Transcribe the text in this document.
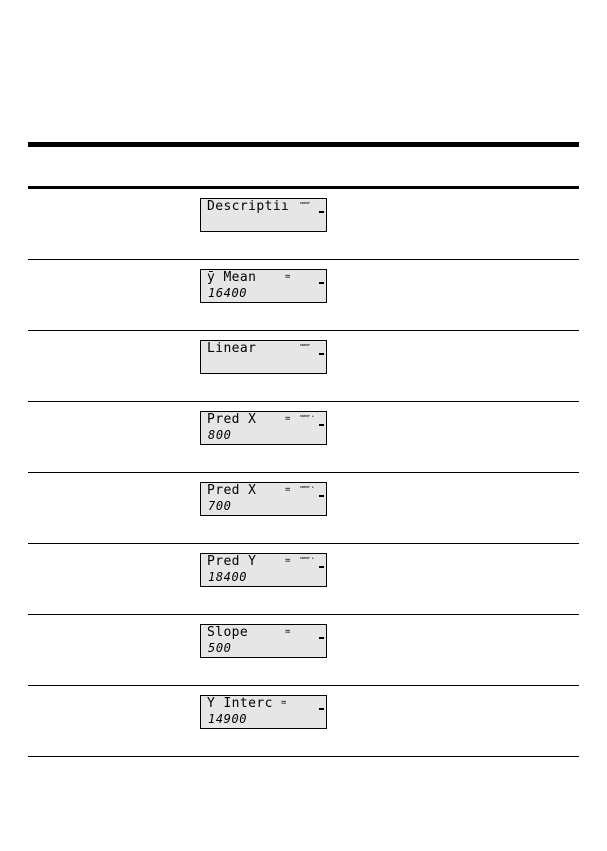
Descriptiı	INPUT
ȳ Mean	=
16400
Linear	INPUT
Pred X	=	INPUT ▴
800
Pred X	=	INPUT ▴
700
Pred Y	=	INPUT ▴
18400
Slope	=
500
Y Interc =
14900
